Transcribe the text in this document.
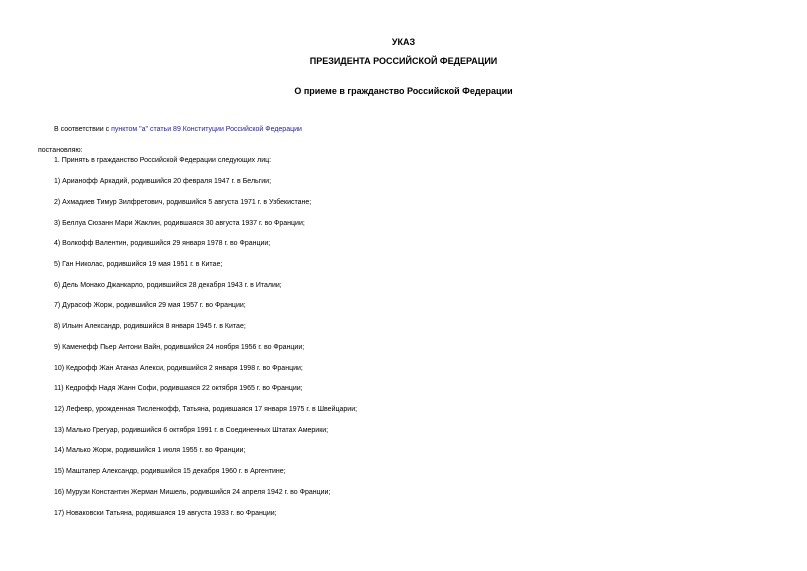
УКАЗ
ПРЕЗИДЕНТА РОССИЙСКОЙ ФЕДЕРАЦИИ
О приеме в гражданство Российской Федерации
В соответствии с пунктом "а" статьи 89 Конституции Российской Федерации
постановляю:
1. Принять в гражданство Российской Федерации следующих лиц:
1) Арианофф Аркадий, родившийся 20 февраля 1947 г. в Бельгии;
2) Ахмадиев Тимур Зилфретович, родившийся 5 августа 1971 г. в Узбекистане;
3) Беллуа Сюзанн Мари Жаклин, родившаяся 30 августа 1937 г. во Франции;
4) Волкофф Валентин, родившийся 29 января 1978 г. во Франции;
5) Ган Николас, родившийся 19 мая 1951 г. в Китае;
6) Дель Монако Джанкарло, родившийся 28 декабря 1943 г. в Италии;
7) Дурасоф Жорж, родившийся 29 мая 1957 г. во Франции;
8) Ильин Александр, родившийся 8 января 1945 г. в Китае;
9) Каменефф Пьер Антони Вайн, родившийся 24 ноября 1956 г. во Франции;
10) Кедрофф Жан Атаназ Алекси, родившийся 2 января 1998 г. во Франции;
11) Кедрофф Надя Жанн Софи, родившаяся 22 октября 1965 г. во Франции;
12) Лефевр, урожденная Тисленкофф, Татьяна, родившаяся 17 января 1975 г. в Швейцарии;
13) Малько Грегуар, родившийся 6 октября 1991 г. в Соединенных Штатах Америки;
14) Малько Жорж, родившийся 1 июля 1955 г. во Франции;
15) Маштапер Александр, родившийся 15 декабря 1960 г. в Аргентине;
16) Мурузи Константин Жерман Мишель, родившийся 24 апреля 1942 г. во Франции;
17) Новаковски Татьяна, родившаяся 19 августа 1933 г. во Франции;
